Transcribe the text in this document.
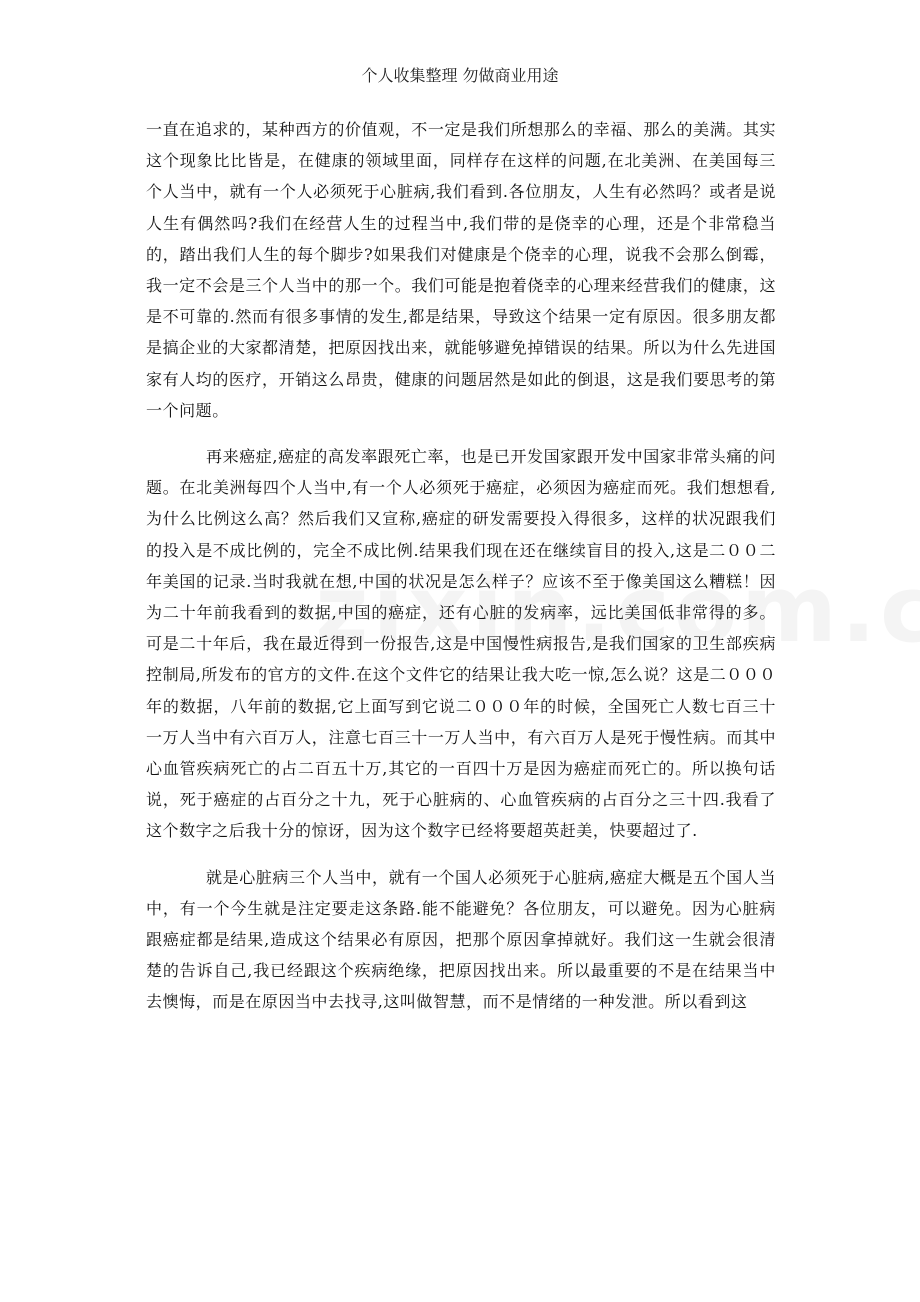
个人收集整理 勿做商业用途

一直在追求的，某种西方的价值观，不一定是我们所想那么的幸福、那么的美满。其实这个现象比比皆是，在健康的领域里面，同样存在这样的问题,在北美洲、在美国每三个人当中，就有一个人必须死于心脏病,我们看到.各位朋友，人生有必然吗？或者是说人生有偶然吗?我们在经营人生的过程当中,我们带的是侥幸的心理，还是个非常稳当的，踏出我们人生的每个脚步?如果我们对健康是个侥幸的心理，说我不会那么倒霉，我一定不会是三个人当中的那一个。我们可能是抱着侥幸的心理来经营我们的健康，这是不可靠的.然而有很多事情的发生,都是结果，导致这个结果一定有原因。很多朋友都是搞企业的大家都清楚，把原因找出来，就能够避免掉错误的结果。所以为什么先进国家有人均的医疗，开销这么昂贵，健康的问题居然是如此的倒退，这是我们要思考的第一个问题。

再来癌症,癌症的高发率跟死亡率，也是已开发国家跟开发中国家非常头痛的问题。在北美洲每四个人当中,有一个人必须死于癌症，必须因为癌症而死。我们想想看,为什么比例这么高？然后我们又宣称,癌症的研发需要投入得很多，这样的状况跟我们的投入是不成比例的，完全不成比例.结果我们现在还在继续盲目的投入,这是二００二年美国的记录.当时我就在想,中国的状况是怎么样子？应该不至于像美国这么糟糕！因为二十年前我看到的数据,中国的癌症，还有心脏的发病率，远比美国低非常得的多。可是二十年后，我在最近得到一份报告,这是中国慢性病报告,是我们国家的卫生部疾病控制局,所发布的官方的文件.在这个文件它的结果让我大吃一惊,怎么说？这是二０００年的数据，八年前的数据,它上面写到它说二０００年的时候，全国死亡人数七百三十一万人当中有六百万人，注意七百三十一万人当中，有六百万人是死于慢性病。而其中心血管疾病死亡的占二百五十万,其它的一百四十万是因为癌症而死亡的。所以换句话说，死于癌症的占百分之十九，死于心脏病的、心血管疾病的占百分之三十四.我看了这个数字之后我十分的惊讶，因为这个数字已经将要超英赶美，快要超过了.

就是心脏病三个人当中，就有一个国人必须死于心脏病,癌症大概是五个国人当中，有一个今生就是注定要走这条路.能不能避免？各位朋友，可以避免。因为心脏病跟癌症都是结果,造成这个结果必有原因，把那个原因拿掉就好。我们这一生就会很清楚的告诉自己,我已经跟这个疾病绝缘，把原因找出来。所以最重要的不是在结果当中去懊悔，而是在原因当中去找寻,这叫做智慧，而不是情绪的一种发泄。所以看到这
